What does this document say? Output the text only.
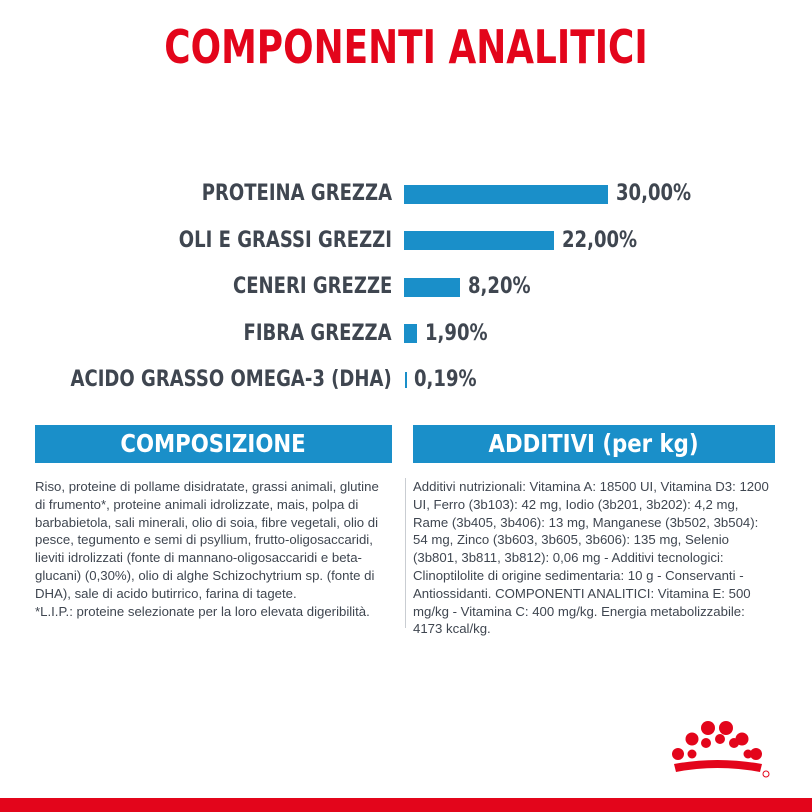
COMPONENTI ANALITICI
PROTEINA GREZZA	30,00%
OLI E GRASSI GREZZI	22,00%
CENERI GREZZE	8,20%
FIBRA GREZZA 1,90%
ACIDO GRASSO OMEGA-3 (DHA) 0,19%
COMPOSIZIONE	ADDITIVI (per kg)
Riso, proteine di pollame disidratate, grassi animali, glutine di frumento*, proteine animali idrolizzate, mais, polpa di barbabietola, sali minerali, olio di soia, fibre vegetali, olio di pesce, tegumento e semi di psyllium, frutto-oligosaccaridi, lieviti idrolizzati (fonte di mannano-oligosaccaridi e beta-glucani) (0,30%), olio di alghe Schizochytrium sp. (fonte di DHA), sale di acido butirrico, farina di tagete.
*L.I.P.: proteine selezionate per la loro elevata digeribilità.
Additivi nutrizionali: Vitamina A: 18500 UI, Vitamina D3: 1200 UI, Ferro (3b103): 42 mg, Iodio (3b201, 3b202): 4,2 mg, Rame (3b405, 3b406): 13 mg, Manganese (3b502, 3b504): 54 mg, Zinco (3b603, 3b605, 3b606): 135 mg, Selenio (3b801, 3b811, 3b812): 0,06 mg - Additivi tecnologici: Clinoptilolite di origine sedimentaria: 10 g - Conservanti - Antiossidanti. COMPONENTI ANALITICI: Vitamina E: 500 mg/kg - Vitamina C: 400 mg/kg. Energia metabolizzabile: 4173 kcal/kg.
